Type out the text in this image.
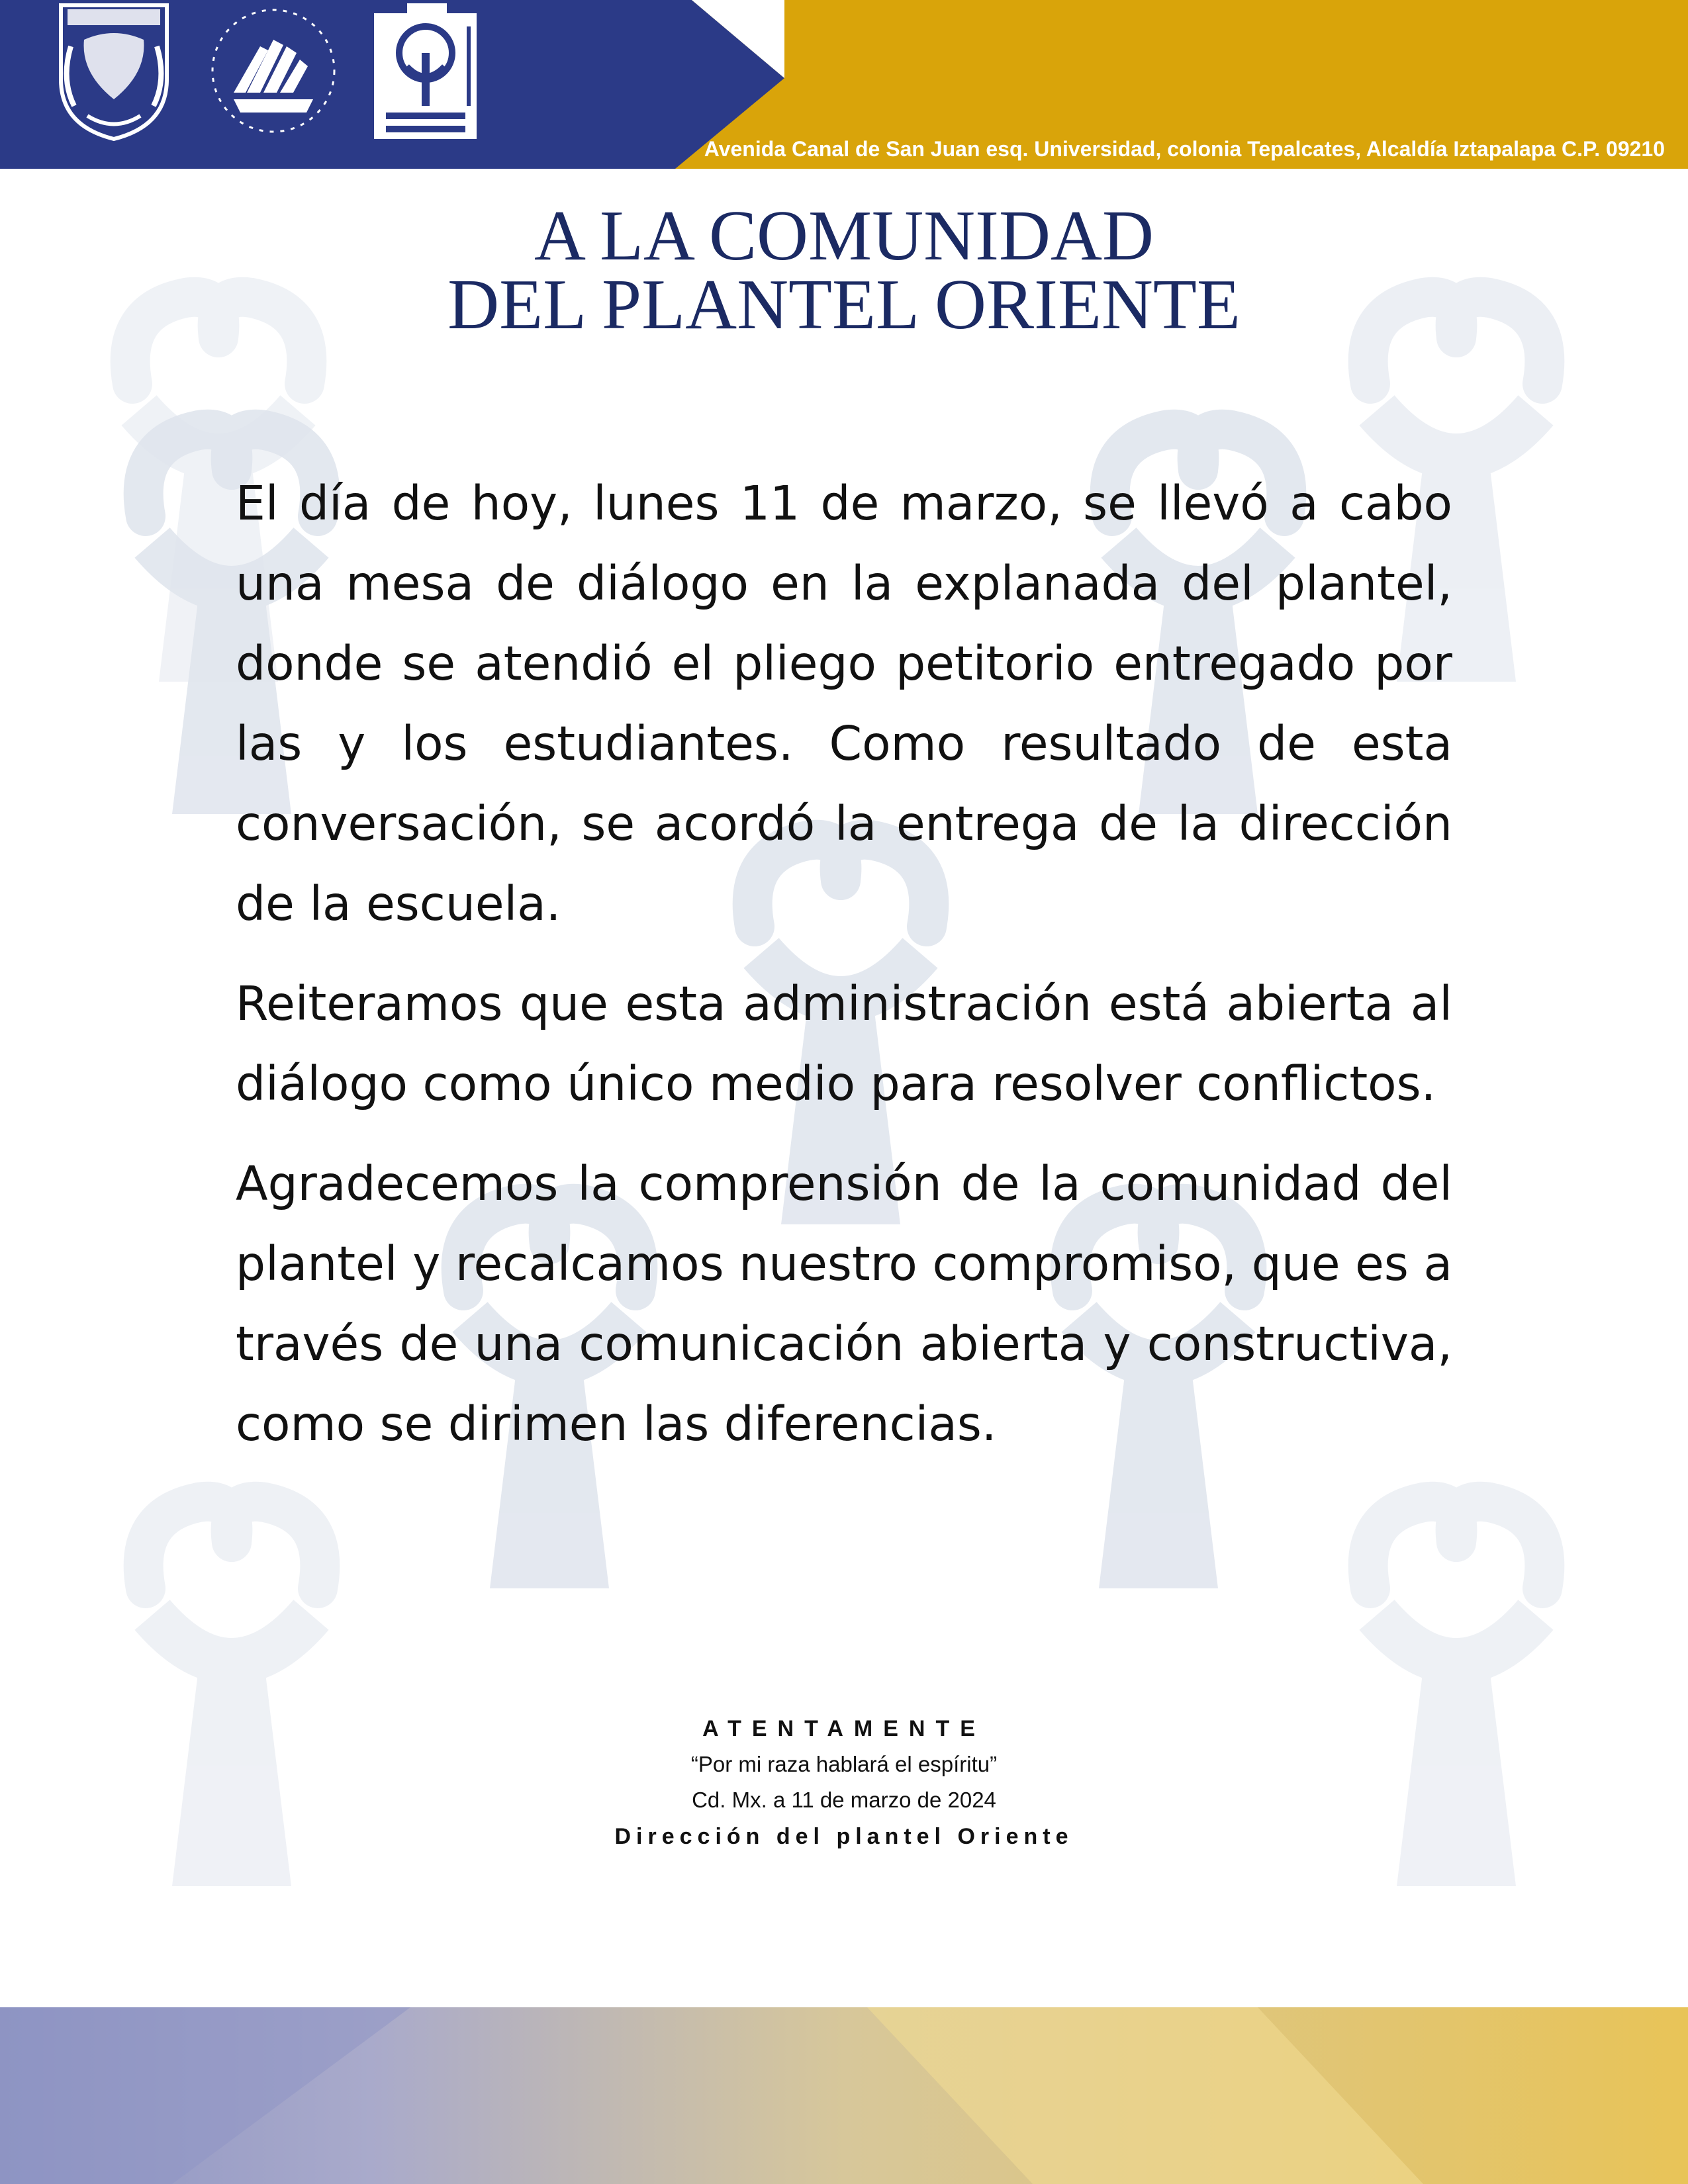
Avenida Canal de San Juan esq. Universidad, colonia Tepalcates, Alcaldía Iztapalapa C.P. 09210
A LA COMUNIDAD
DEL PLANTEL ORIENTE

El día de hoy, lunes 11 de marzo, se llevó a cabo una mesa de diálogo en la explanada del plantel, donde se atendió el pliego petitorio entregado por las y los estudiantes. Como resultado de esta conversación, se acordó la entrega de la dirección de la escuela.

Reiteramos que esta administración está abierta al diálogo como único medio para resolver conflictos.

Agradecemos la comprensión de la comunidad del plantel y recalcamos nuestro compromiso, que es a través de una comunicación abierta y constructiva, como se dirimen las diferencias.

ATENTAMENTE
“Por mi raza hablará el espíritu”
Cd. Mx. a 11 de marzo de 2024
Dirección del plantel Oriente
